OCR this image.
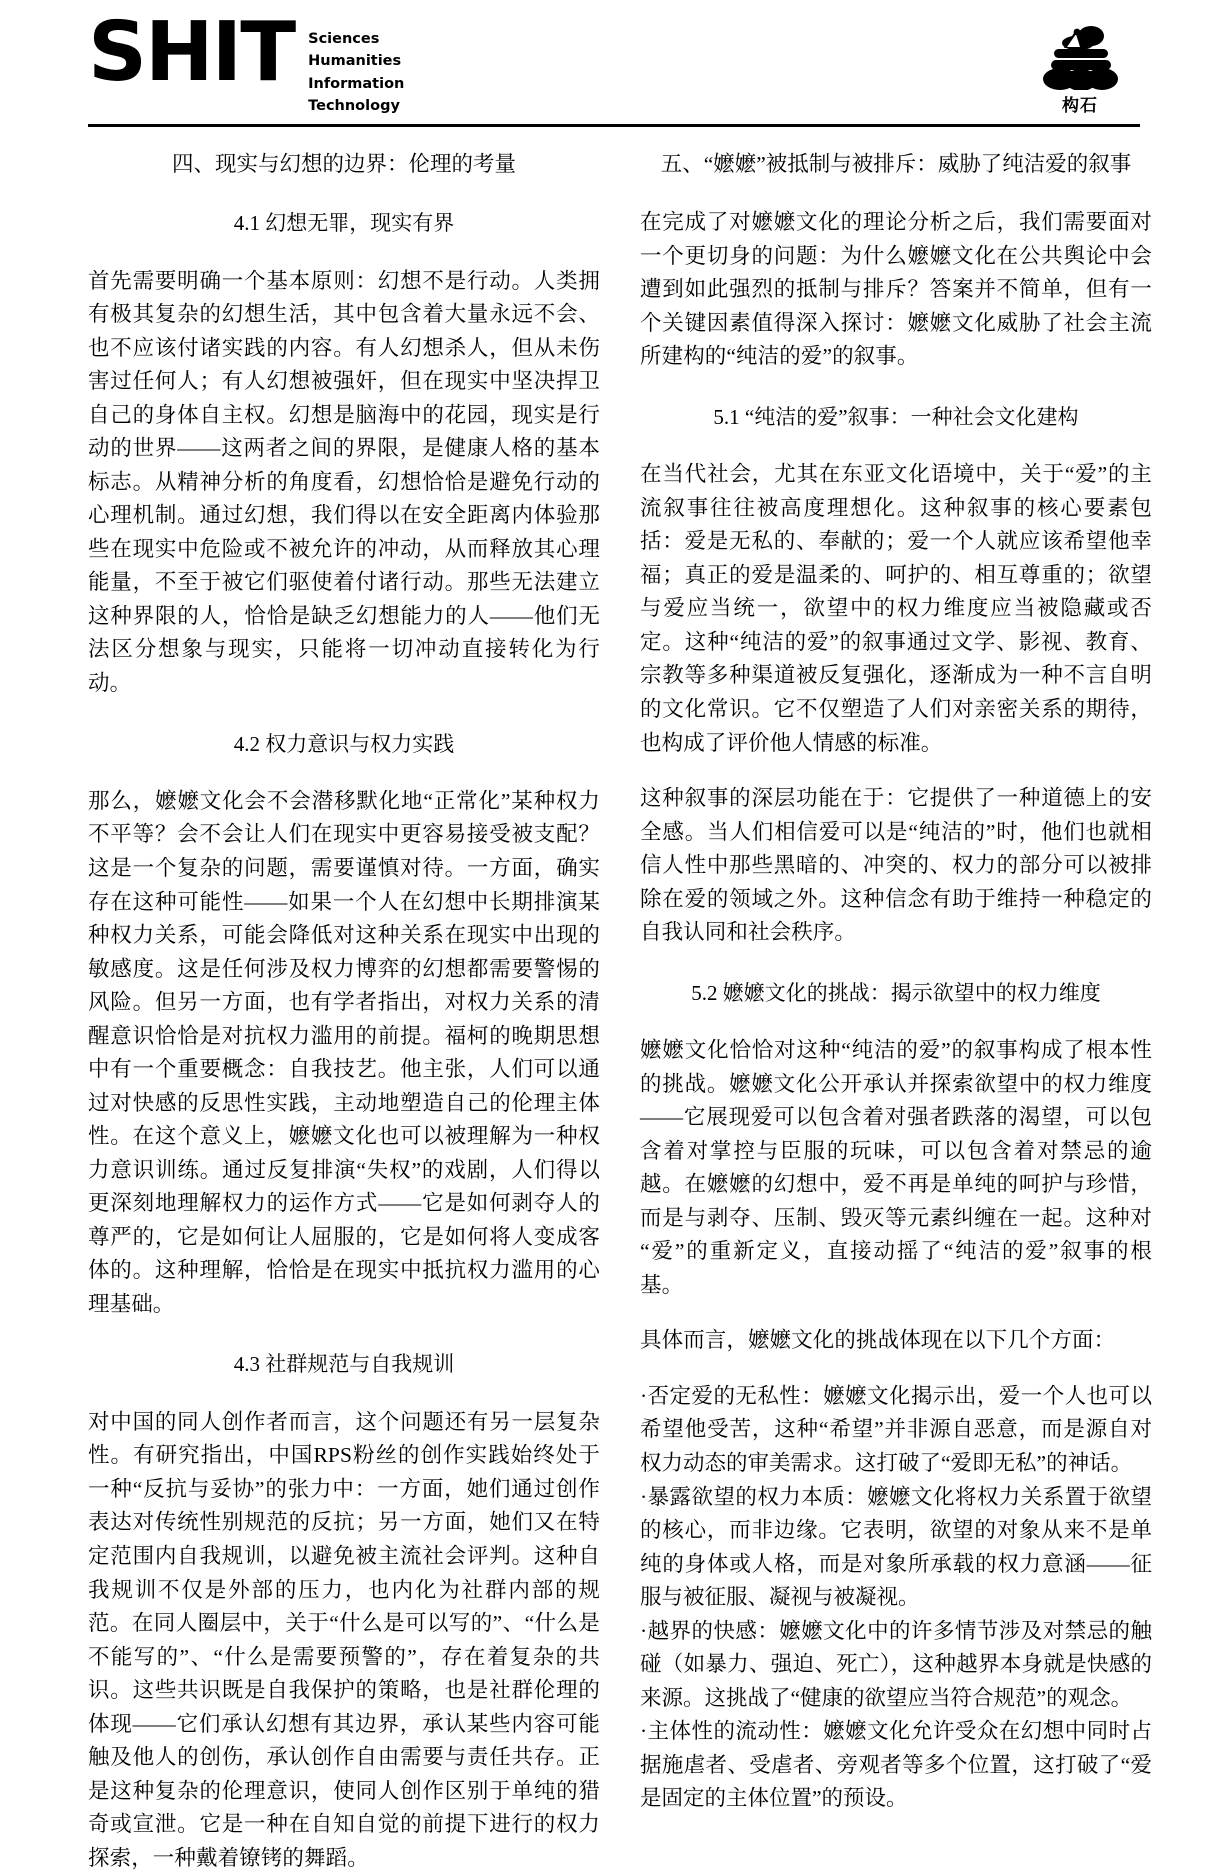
SHIT Sciences
Humanities
Information
Technology	构石
四、现实与幻想的边界：伦理的考量
4.1 幻想无罪，现实有界

首先需要明确一个基本原则：幻想不是行动。人类拥有极其复杂的幻想生活，其中包含着大量永远不会、也不应该付诸实践的内容。有人幻想杀人，但从未伤害过任何人；有人幻想被强奸，但在现实中坚决捍卫自己的身体自主权。幻想是脑海中的花园，现实是行动的世界——这两者之间的界限，是健康人格的基本标志。从精神分析的角度看，幻想恰恰是避免行动的心理机制。通过幻想，我们得以在安全距离内体验那些在现实中危险或不被允许的冲动，从而释放其心理能量，不至于被它们驱使着付诸行动。那些无法建立这种界限的人，恰恰是缺乏幻想能力的人——他们无法区分想象与现实，只能将一切冲动直接转化为行动。

4.2 权力意识与权力实践

那么，嬷嬷文化会不会潜移默化地“正常化”某种权力不平等？会不会让人们在现实中更容易接受被支配？这是一个复杂的问题，需要谨慎对待。一方面，确实存在这种可能性——如果一个人在幻想中长期排演某种权力关系，可能会降低对这种关系在现实中出现的敏感度。这是任何涉及权力博弈的幻想都需要警惕的风险。但另一方面，也有学者指出，对权力关系的清醒意识恰恰是对抗权力滥用的前提。福柯的晚期思想中有一个重要概念：自我技艺。他主张，人们可以通过对快感的反思性实践，主动地塑造自己的伦理主体性。在这个意义上，嬷嬷文化也可以被理解为一种权力意识训练。通过反复排演“失权”的戏剧，人们得以更深刻地理解权力的运作方式——它是如何剥夺人的尊严的，它是如何让人屈服的，它是如何将人变成客体的。这种理解，恰恰是在现实中抵抗权力滥用的心理基础。

4.3 社群规范与自我规训

对中国的同人创作者而言，这个问题还有另一层复杂性。有研究指出，中国RPS粉丝的创作实践始终处于一种“反抗与妥协”的张力中：一方面，她们通过创作表达对传统性别规范的反抗；另一方面，她们又在特定范围内自我规训，以避免被主流社会评判。这种自我规训不仅是外部的压力，也内化为社群内部的规范。在同人圈层中，关于“什么是可以写的”、“什么是不能写的”、“什么是需要预警的”，存在着复杂的共识。这些共识既是自我保护的策略，也是社群伦理的体现——它们承认幻想有其边界，承认某些内容可能触及他人的创伤，承认创作自由需要与责任共存。正是这种复杂的伦理意识，使同人创作区别于单纯的猎奇或宣泄。它是一种在自知自觉的前提下进行的权力探索，一种戴着镣铐的舞蹈。

五、“嬷嬷”被抵制与被排斥：威胁了纯洁爱的叙事

在完成了对嬷嬷文化的理论分析之后，我们需要面对一个更切身的问题：为什么嬷嬷文化在公共舆论中会遭到如此强烈的抵制与排斥？答案并不简单，但有一个关键因素值得深入探讨：嬷嬷文化威胁了社会主流所建构的“纯洁的爱”的叙事。

5.1 “纯洁的爱”叙事：一种社会文化建构

在当代社会，尤其在东亚文化语境中，关于“爱”的主流叙事往往被高度理想化。这种叙事的核心要素包括：爱是无私的、奉献的；爱一个人就应该希望他幸福；真正的爱是温柔的、呵护的、相互尊重的；欲望与爱应当统一，欲望中的权力维度应当被隐藏或否定。这种“纯洁的爱”的叙事通过文学、影视、教育、宗教等多种渠道被反复强化，逐渐成为一种不言自明的文化常识。它不仅塑造了人们对亲密关系的期待，也构成了评价他人情感的标准。

这种叙事的深层功能在于：它提供了一种道德上的安全感。当人们相信爱可以是“纯洁的”时，他们也就相信人性中那些黑暗的、冲突的、权力的部分可以被排除在爱的领域之外。这种信念有助于维持一种稳定的自我认同和社会秩序。

5.2 嬷嬷文化的挑战：揭示欲望中的权力维度

嬷嬷文化恰恰对这种“纯洁的爱”的叙事构成了根本性的挑战。嬷嬷文化公开承认并探索欲望中的权力维度——它展现爱可以包含着对强者跌落的渴望，可以包含着对掌控与臣服的玩味，可以包含着对禁忌的逾越。在嬷嬷的幻想中，爱不再是单纯的呵护与珍惜，而是与剥夺、压制、毁灭等元素纠缠在一起。这种对“爱”的重新定义，直接动摇了“纯洁的爱”叙事的根基。

具体而言，嬷嬷文化的挑战体现在以下几个方面：

·否定爱的无私性：嬷嬷文化揭示出，爱一个人也可以希望他受苦，这种“希望”并非源自恶意，而是源自对权力动态的审美需求。这打破了“爱即无私”的神话。
·暴露欲望的权力本质：嬷嬷文化将权力关系置于欲望的核心，而非边缘。它表明，欲望的对象从来不是单纯的身体或人格，而是对象所承载的权力意涵——征服与被征服、凝视与被凝视。
·越界的快感：嬷嬷文化中的许多情节涉及对禁忌的触碰（如暴力、强迫、死亡），这种越界本身就是快感的来源。这挑战了“健康的欲望应当符合规范”的观念。
·主体性的流动性：嬷嬷文化允许受众在幻想中同时占据施虐者、受虐者、旁观者等多个位置，这打破了“爱是固定的主体位置”的预设。
